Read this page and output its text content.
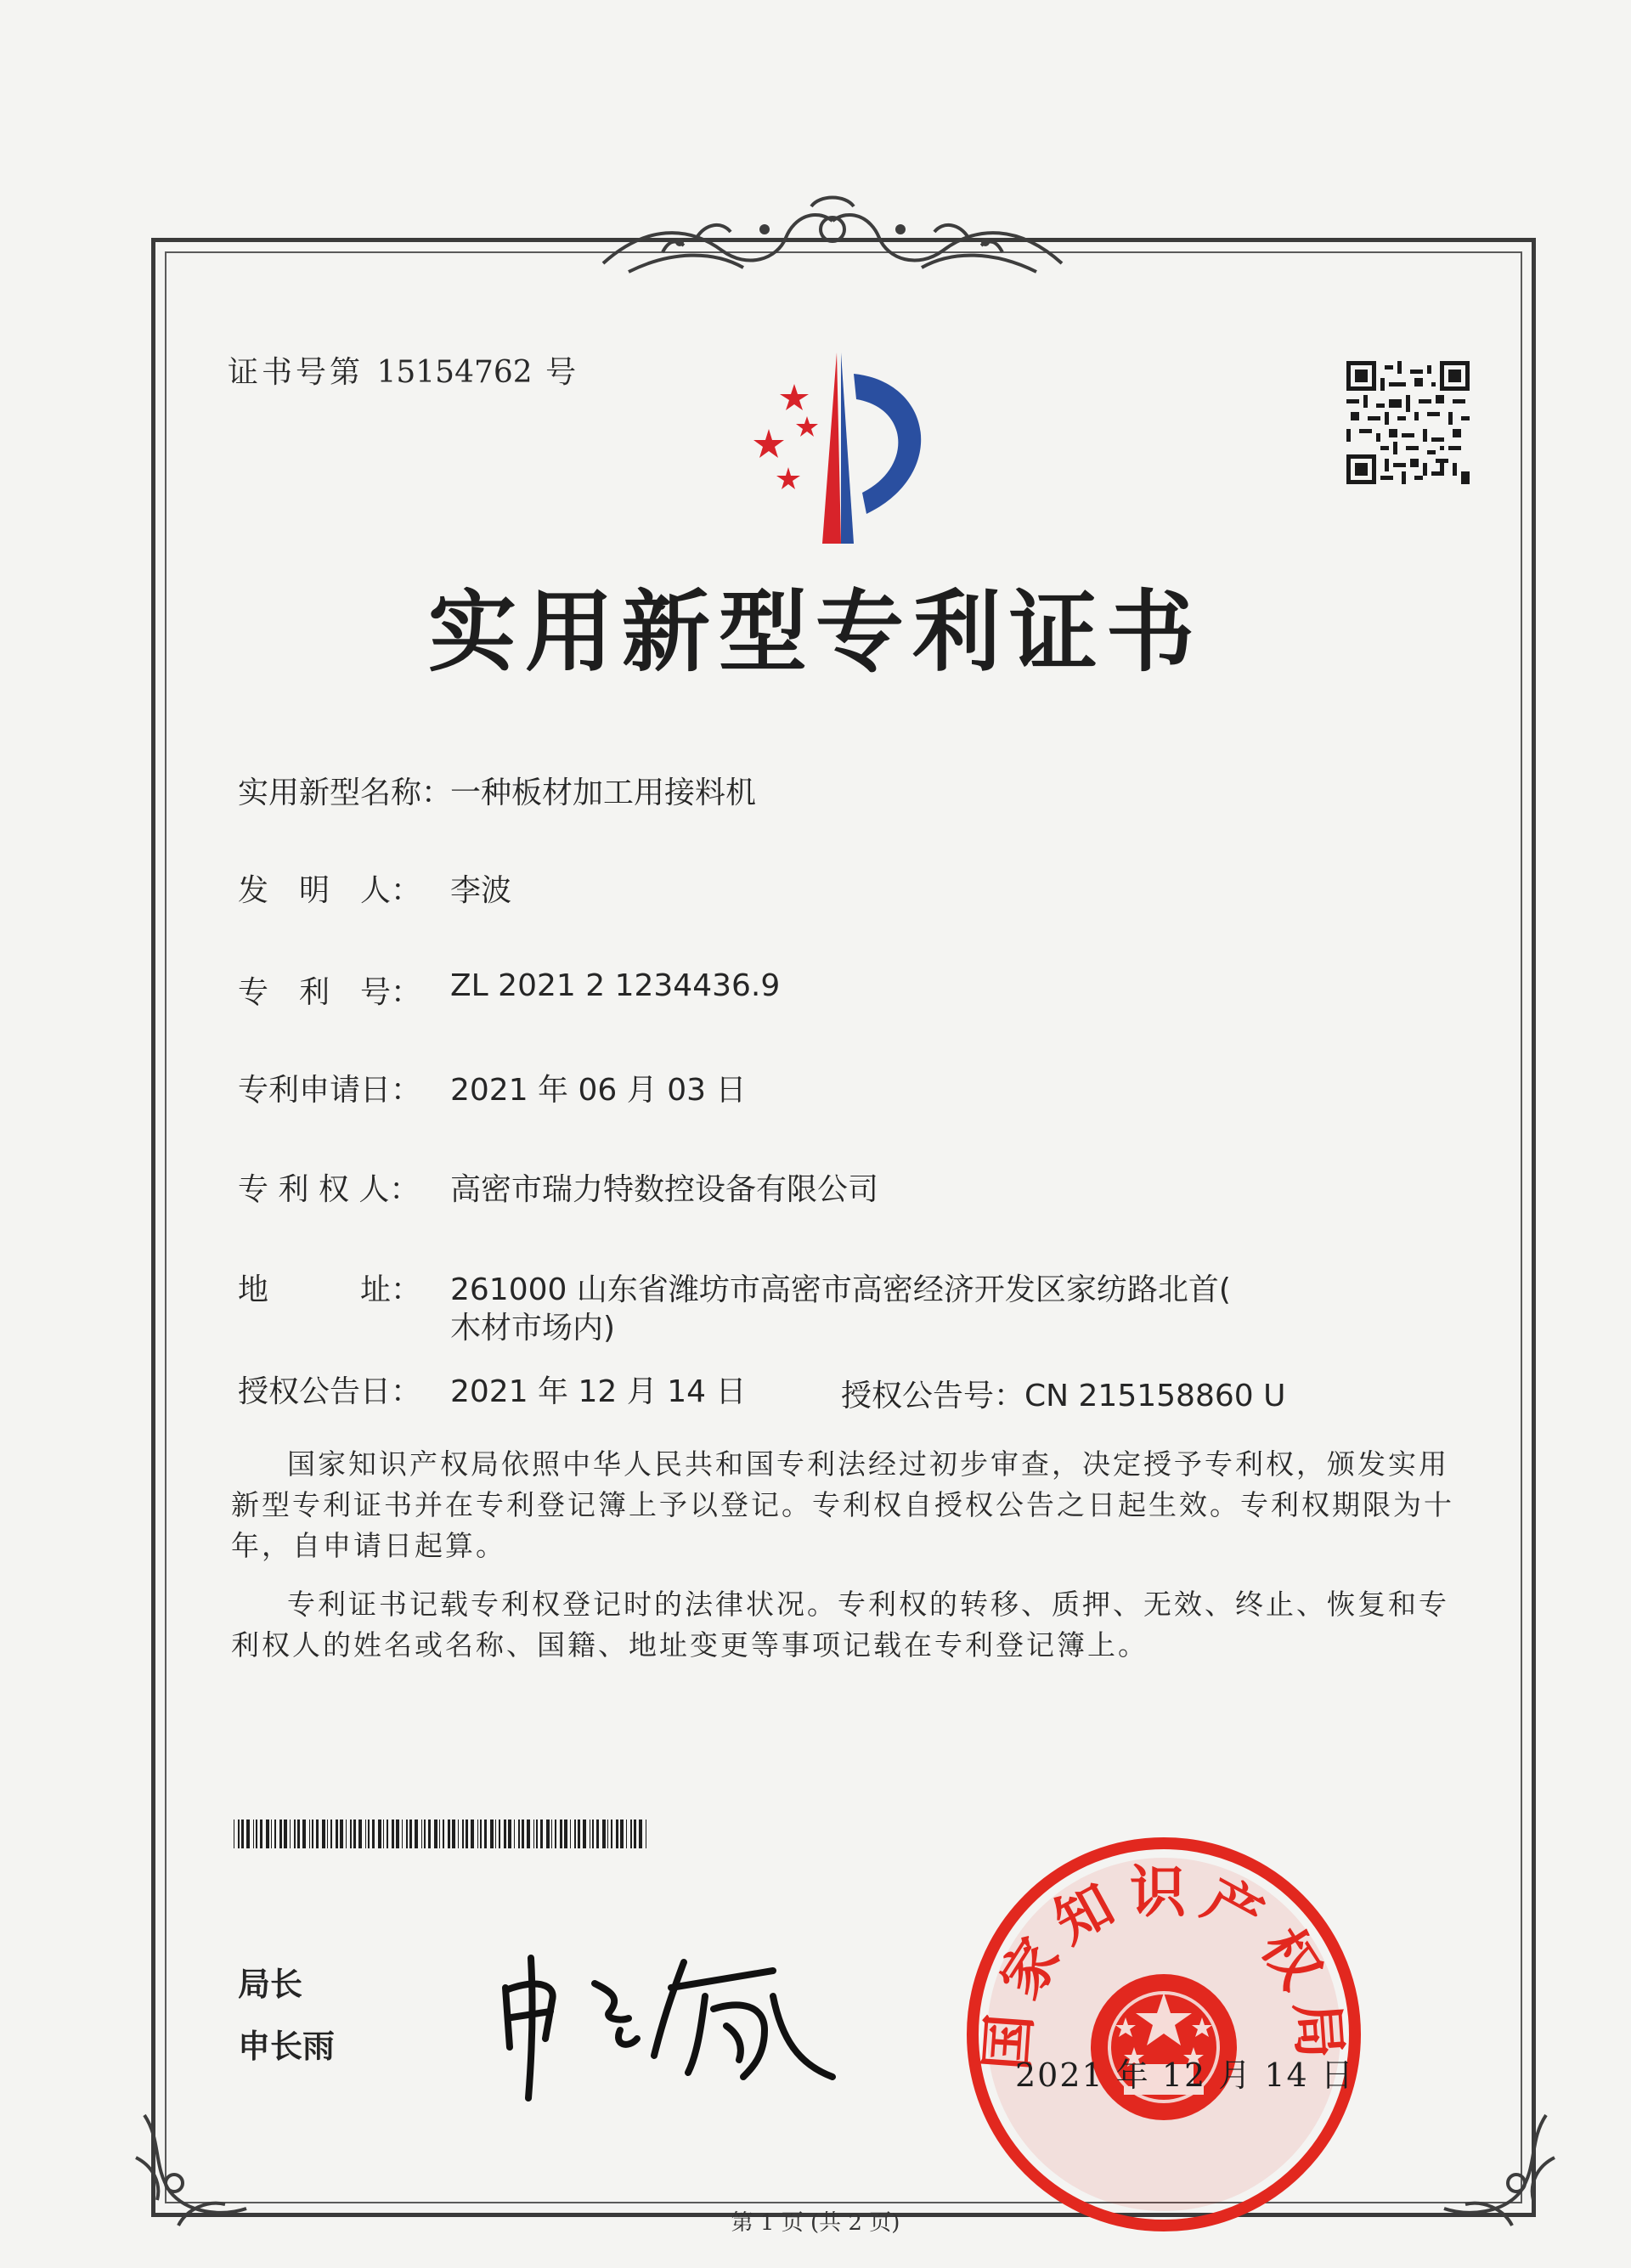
证书号第 15154762 号
实用新型专利证书
实用新型名称：一种板材加工用接料机
发　明　人： 李波
专　利　号： ZL 2021 2 1234436.9
专利申请日： 2021 年 06 月 03 日
专 利 权 人： 高密市瑞力特数控设备有限公司
地　　　址： 261000 山东省潍坊市高密市高密经济开发区家纺路北首(
木材市场内)
授权公告日： 2021 年 12 月 14 日	授权公告号：CN 215158860 U
国家知识产权局依照中华人民共和国专利法经过初步审查，决定授予专利权，颁发实用新型专利证书并在专利登记簿上予以登记。专利权自授权公告之日起生效。专利权期限为十年，自申请日起算。
专利证书记载专利权登记时的法律状况。专利权的转移、质押、无效、终止、恢复和专利权人的姓名或名称、国籍、地址变更等事项记载在专利登记簿上。
局长
申长雨	国家知识产权局
2021 年 12 月 14 日
第 1 页 (共 2 页)
